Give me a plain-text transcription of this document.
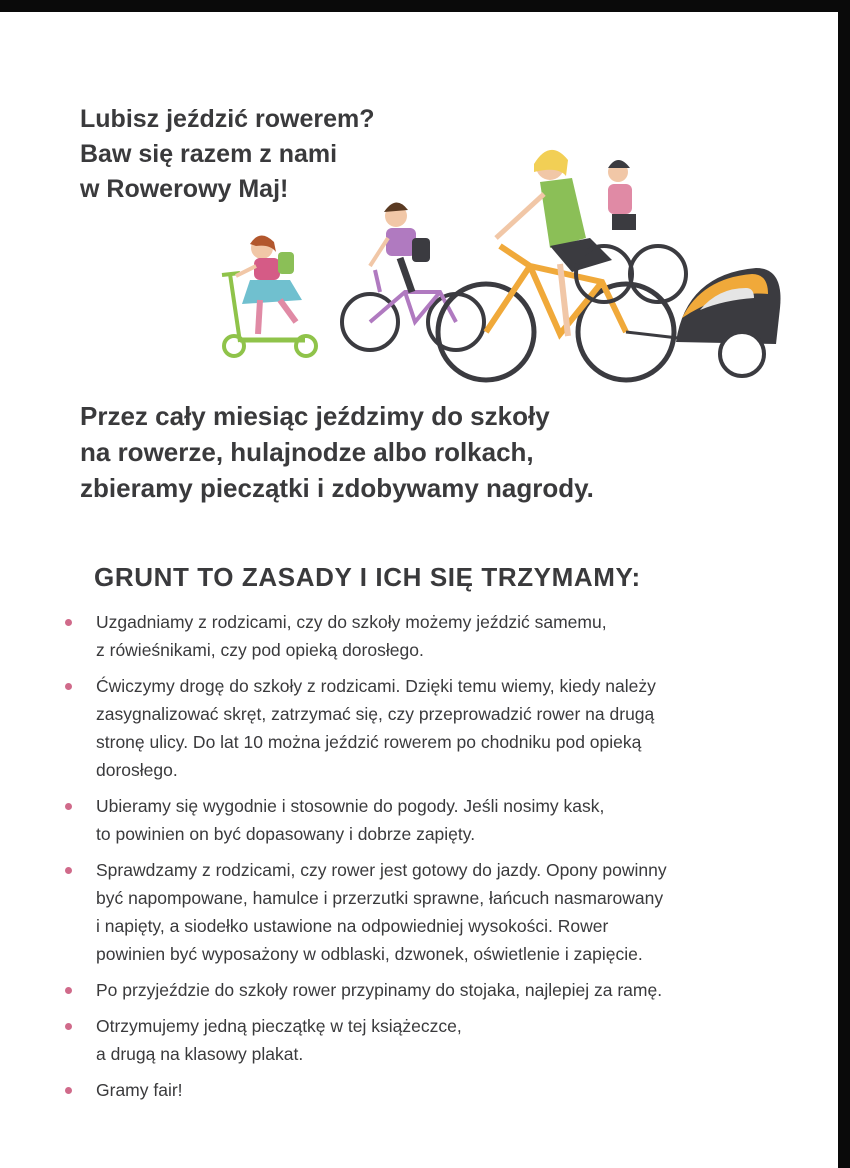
Lubisz jeździć rowerem?
Baw się razem z nami
w Rowerowy Maj!
Przez cały miesiąc jeździmy do szkoły
na rowerze, hulajnodze albo rolkach,
zbieramy pieczątki i zdobywamy nagrody.
GRUNT TO ZASADY I ICH SIĘ TRZYMAMY:
Uzgadniamy z rodzicami, czy do szkoły możemy jeździć samemu,
z rówieśnikami, czy pod opieką dorosłego.
Ćwiczymy drogę do szkoły z rodzicami. Dzięki temu wiemy, kiedy należy
zasygnalizować skręt, zatrzymać się, czy przeprowadzić rower na drugą
stronę ulicy. Do lat 10 można jeździć rowerem po chodniku pod opieką
dorosłego.
Ubieramy się wygodnie i stosownie do pogody. Jeśli nosimy kask,
to powinien on być dopasowany i dobrze zapięty.
Sprawdzamy z rodzicami, czy rower jest gotowy do jazdy. Opony powinny
być napompowane, hamulce i przerzutki sprawne, łańcuch nasmarowany
i napięty, a siodełko ustawione na odpowiedniej wysokości. Rower
powinien być wyposażony w odblaski, dzwonek, oświetlenie i zapięcie.
Po przyjeździe do szkoły rower przypinamy do stojaka, najlepiej za ramę.
Otrzymujemy jedną pieczątkę w tej książeczce,
a drugą na klasowy plakat.
Gramy fair!
